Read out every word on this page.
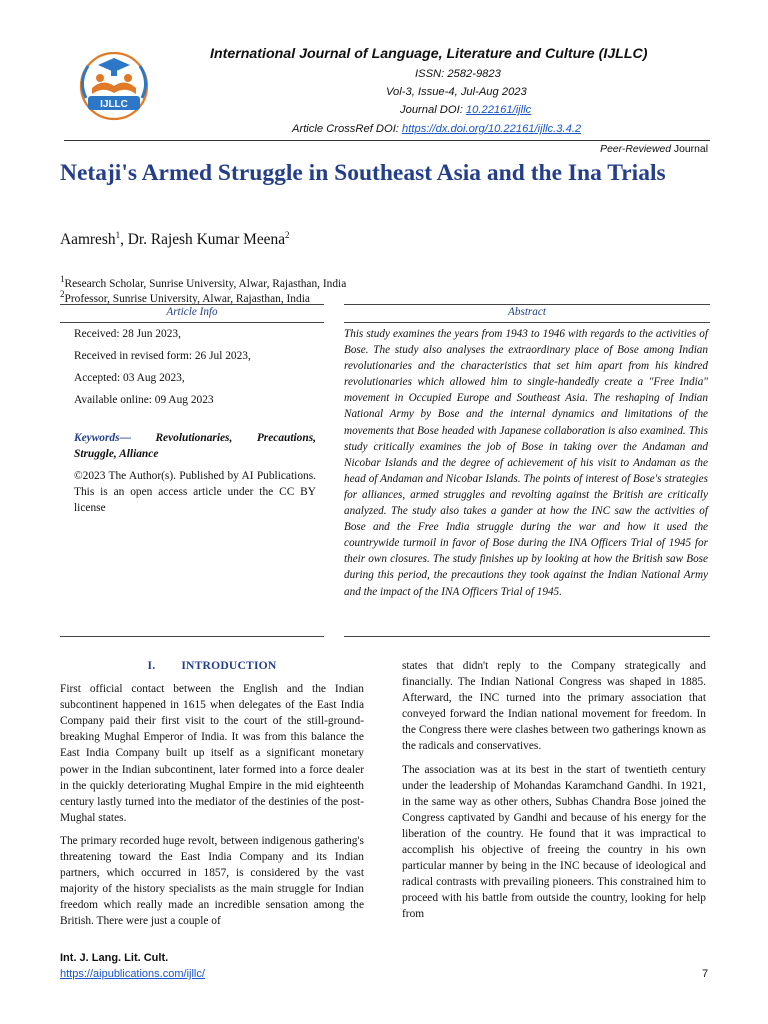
IJLLC
International Journal of Language, Literature and Culture (IJLLC)
ISSN: 2582-9823
Vol-3, Issue-4, Jul-Aug 2023
Journal DOI: 10.22161/ijllc
Article CrossRef DOI: https://dx.doi.org/10.22161/ijllc.3.4.2
Peer-Reviewed Journal
Netaji's Armed Struggle in Southeast Asia and the Ina Trials
Aamresh$^1$, Dr. Rajesh Kumar Meena$^2$
$^1$Research Scholar, Sunrise University, Alwar, Rajasthan, India
$^2$Professor, Sunrise University, Alwar, Rajasthan, India
Article Info	Abstract
Received: 28 Jun 2023,
Received in revised form: 26 Jul 2023,
Accepted: 03 Aug 2023,
Available online: 09 Aug 2023
Keywords— Revolutionaries, Precautions, Struggle, Alliance
©2023 The Author(s). Published by AI Publications. This is an open access article under the CC BY license
This study examines the years from 1943 to 1946 with regards to the activities of Bose. The study also analyses the extraordinary place of Bose among Indian revolutionaries and the characteristics that set him apart from his kindred revolutionaries which allowed him to single-handedly create a "Free India" movement in Occupied Europe and Southeast Asia. The reshaping of Indian National Army by Bose and the internal dynamics and limitations of the movements that Bose headed with Japanese collaboration is also examined. This study critically examines the job of Bose in taking over the Andaman and Nicobar Islands and the degree of achievement of his visit to Andaman as the head of Andaman and Nicobar Islands. The points of interest of Bose's strategies for alliances, armed struggles and revolting against the British are critically analyzed. The study also takes a gander at how the INC saw the activities of Bose and the Free India struggle during the war and how it used the countrywide turmoil in favor of Bose during the INA Officers Trial of 1945 for their own closures. The study finishes up by looking at how the British saw Bose during this period, the precautions they took against the Indian National Army and the impact of the INA Officers Trial of 1945.
I. INTRODUCTION

First official contact between the English and the Indian subcontinent happened in 1615 when delegates of the East India Company paid their first visit to the court of the still-ground-breaking Mughal Emperor of India. It was from this balance the East India Company built up itself as a significant monetary power in the Indian subcontinent, later formed into a force dealer in the quickly deteriorating Mughal Empire in the mid eighteenth century lastly turned into the mediator of the destinies of the post-Mughal states.

The primary recorded huge revolt, between indigenous gathering's threatening toward the East India Company and its Indian partners, which occurred in 1857, is considered by the vast majority of the history specialists as the main struggle for Indian freedom which really made an incredible sensation among the British. There were just a couple of

states that didn't reply to the Company strategically and financially. The Indian National Congress was shaped in 1885. Afterward, the INC turned into the primary association that conveyed forward the Indian national movement for freedom. In the Congress there were clashes between two gatherings known as the radicals and conservatives.

The association was at its best in the start of twentieth century under the leadership of Mohandas Karamchand Gandhi. In 1921, in the same way as other others, Subhas Chandra Bose joined the Congress captivated by Gandhi and because of his energy for the liberation of the country. He found that it was impractical to accomplish his objective of freeing the country in his own particular manner by being in the INC because of ideological and radical contrasts with prevailing pioneers. This constrained him to proceed with his battle from outside the country, looking for help from

Int. J. Lang. Lit. Cult.
https://aipublications.com/ijllc/	7
